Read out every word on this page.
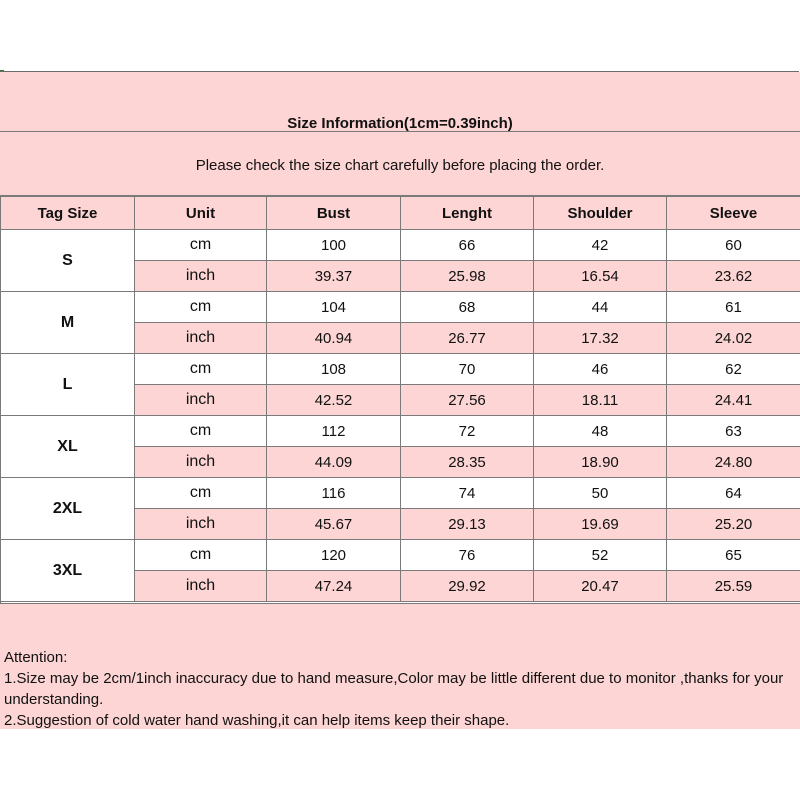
Size Information(1cm=0.39inch)
Please check the size chart carefully before placing the order.
Tag Size	Unit	Bust	Lenght	Shoulder	Sleeve
S	cm	100	66	42	60
	inch	39.37	25.98	16.54	23.62
M	cm	104	68	44	61
	inch	40.94	26.77	17.32	24.02
L	cm	108	70	46	62
	inch	42.52	27.56	18.11	24.41
XL	cm	112	72	48	63
	inch	44.09	28.35	18.90	24.80
2XL	cm	116	74	50	64
	inch	45.67	29.13	19.69	25.20
3XL	cm	120	76	52	65
	inch	47.24	29.92	20.47	25.59
Attention:
1.Size may be 2cm/1inch inaccuracy due to hand measure,Color may be little different due to monitor ,thanks for your understanding.
2.Suggestion of cold water hand washing,it can help items keep their shape.
